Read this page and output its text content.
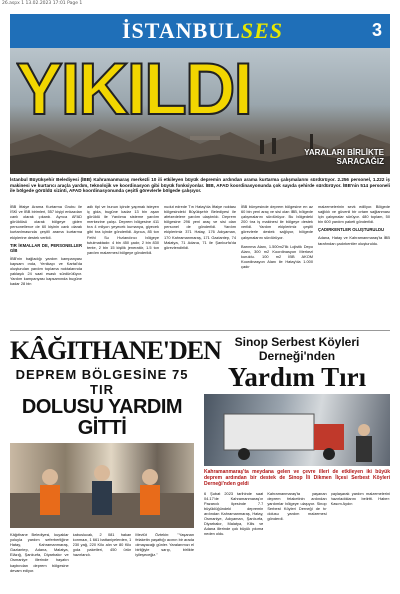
26.aspx 1 13.02.2023 17:01 Page 1
İSTANBULSES	3
YIKILDI
YARALARI BİRLİKTE
SARACAĞIZ
İstanbul Büyükşehir Belediyesi (İBB) Kahramanmaraş merkezli 10 ili etkileyen büyük depremin ardından arama kurtarma çalışmalarını sürdürüyor. 2.256 personel, 1.222 iş makinesi ve kurtarıcı araçla yardım, teknolojik ve koordinasyon gibi büyük fonksiyonlar. İBB, AFAD koordinasyonunda çok sayıda şehirde sürdürüyor. İBB'nin 514 personeli ile bölgede görüldü sizinti, AFAD koordinasyonunda çeşitli görevlerle bölgede çalışıyor.
İBB İtfaiye Arama Kurtarma Grubu ile İSKİ ve İBB birimleri, 557 kişiyi enkazdan canlı olarak çıkardı. Ayrıca AFAD görüldüsü olarak bölgeye giden personellerce de 60 kişinin canlı olarak kurtarılmasında çeşitli arama kurtarma ekiplerine destek verildi.
TIR İKMALLAR DE, PERSONELLER GİB
İBB'nin bağladığı yardım kampanyası kapsam ında, Yenikapı ve Kartal'da oluşturulan yardım toplama noktalarında yaklaşık 24 saat esaslı sürdürülüyor. Yardım kampanyası kapsamında bugüne kadar 28 bin
adlı tipi ve bunun içinde yapmak isteyen iç gida, bugüne kadar 13 bin aşan görüldü ile Yardıma sisteme yardım merkezine çalışı. Deprem bölgesine 411 tıra 4 milyon yeyecek kumanya, giyecek gibi tıra içinde gönderildi. Ayrıca, 85 ton Fethi Su Hızlandırıcı bölgeye tutulmaktadır. 4 bin 450 çadır, 2 bin 830 tente, 2 bin 15 kişilik jeneratör, 1.5 ton yardım malzemesi bölgeye gönderildi.
nudut edrede Tırı Hatay'da İtfaiye noktası bölgesindeki Büyükşehir Belediyesi ile afetzedelere yardım ulaştırıldı. Deprem bölgesine 296 yeni araç ve sisi olan personel de gönderildi. Yardım ekiplerimiz 371 Hatay, 176 Adıyaman, 170 Kahramanmaraş, 171 Gaziantep, 74 Malatya, 71 Adana, 71 ile Şanlıurfa'da görevlendirildi.
İBB bünyesinde deprem bölgesine en az 60 bin yeni araç ve sisi olan İBB, bölgede çalışmalarını sürdürüyor. Bu bölgedeki 200 tıra iş makinesi ile bölgeye destek verildi. Yardım ekiplerimiz çeşitli görevlerle destek sağlıyor, bölgede çalışmalarını sürdürüyor.
Barınma Alanı, 1.500m2'lik Lojistik Depo Alanı, 300 m2 Koordinasyon Merkezi kuruldu. 100 m2 İBB AKOM Koordinasyon Alanı ile Hatay'da 1.000 çadır
malzemelerinin sevk ediliyor. Bölgede sağlıklı ve güvenli bir ortam sağlanması için çalışmalar sürüyor. 480 toplam, 50 bin 600 yardım paketi gönderildi.
ÇADIRKENTLER OLUŞTURULDU
Adana, Hatay ve Kahramanmaraş'ta İBB tarafından çadırkentler oluşturuldu.
KÂĞITHANE'DEN
DEPREM BÖLGESİNE 75 TIR
DOLUSU YARDIM GİTTİ
Kâğıthane Belediyesi, kuyaklar yoluyla yardım seferberliğine Hatay, Kahramanmaraş, Gaziantep, Adana, Malatya, Elâzığ, Şanlıurfa, Diyarbakır ve Osmaniye illerinde hayatın kaybından deprem bölgesine devam ediyor.
kabuslucak, 2 081 hakan konmazı, 1 661 battaniyelerden, 1 230 yağ, 220 Kilo alın ve 80 Kilo gıda paketleri, 450 ürün hazırlandı.
Mevlüt Öztekin: "Yaşanan felaketin yaşattığı acının bir arada olmayacağı günler. Yaralarımızı el birliğiyle sarıp, birlikte iyileşeceğiz."
Sinop Serbest Köyleri Derneği'nden
Yardım Tırı
Kahramanmaraş'ta meydana gelen ve çevre illeri de etkileyen iki büyük deprem ardından bir destek de Sinop İli Dikmen İlçesi Serbest Köyleri Derneği'nden geldi
6 Şubat 2023 tarihinde saat 04.17'de Kahramanmaraş'ın Pazarcık ilçesinde 7.7 büyüklüğündeki depremin ardından Kahramanmaraş, Hatay, Osmaniye, Adıyaman, Şanlıurfa, Diyarbakır, Malatya, Kilis ve Adana illerinde çok büyük yıkıma neden oldu.
Kahramanmaraş'ta yaşanan deprem felaketinin ardından yardımlar bölgeye ulaşıyor. Sinop Serbest Köyleri Derneği de tır dolusu yardım malzemesi gönderdi.
paylaşarak yardım malzemelerini hazırladıklarını belirtti. Haber: Kasım Aydın
